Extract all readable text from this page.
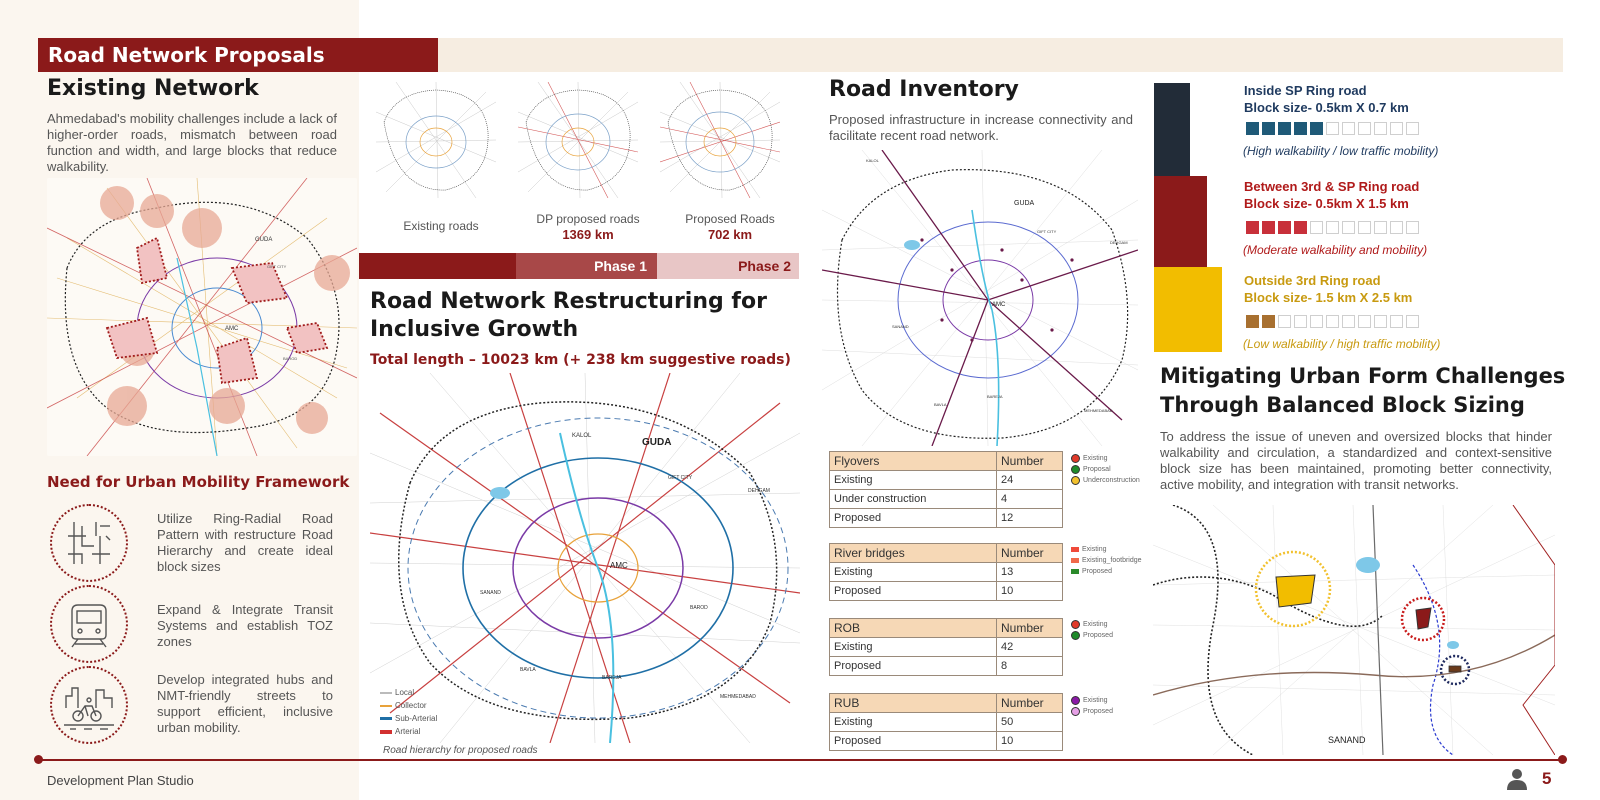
Road Network Proposals
Existing Network
Ahmedabad's mobility challenges include a lack of higher-order roads, mismatch between road function and width, and large blocks that reduce walkability.
GUDA
AMC
GIFT CITY
BAROD
Need for Urban Mobility Framework
Utilize Ring-Radial Road Pattern with restructure Road Hierarchy and create ideal block sizes
Expand & Integrate Transit Systems and establish TOZ zones
Develop integrated hubs and NMT-friendly streets to support efficient, inclusive urban mobility.
Existing roads	DP proposed roads
1369 km
Proposed Roads
702 km
Phase 1	Phase 2
Road Network Restructuring for
Inclusive Growth
Total length – 10023 km (+ 238 km suggestive roads)
GUDA
KALOL
GIFT CITY
AMC
SANAND
BAVLA
BAREJA
DEHGAM
MEHMEDABAD
BAROD
Local
Collector
Sub-Arterial
Arterial
Road hierarchy for proposed roads
Road Inventory
Proposed infrastructure in increase connectivity and facilitate recent road network.
GUDA
AMC
GIFT CITY
KALOL
SANAND
BAVLA
DEHGAM
BAREJA
MEHMEDABAD
Flyovers	Number
Existing	24
Under construction	4
Proposed	12
Existing
Proposal
Underconstruction
River bridges	Number
Existing	13
Proposed	10
Existing
Existing_footbridge
Proposed
ROB	Number
Existing	42
Proposed	8
Existing
Proposed
RUB	Number
Existing	50
Proposed	10
Existing
Proposed
Inside SP Ring road
Block size- 0.5km X 0.7 km
(High walkability / low traffic mobility)
Between 3rd & SP Ring road
Block size- 0.5km X 1.5 km
(Moderate walkability and mobility)
Outside 3rd Ring road
Block size- 1.5 km X 2.5 km
(Low walkability / high traffic mobility)
Mitigating Urban Form Challenges
Through Balanced Block Sizing
To address the issue of uneven and oversized blocks that hinder walkability and circulation, a standardized and context-sensitive block size has been maintained, promoting better connectivity, active mobility, and integration with transit networks.
SANAND
Development Plan Studio	5
